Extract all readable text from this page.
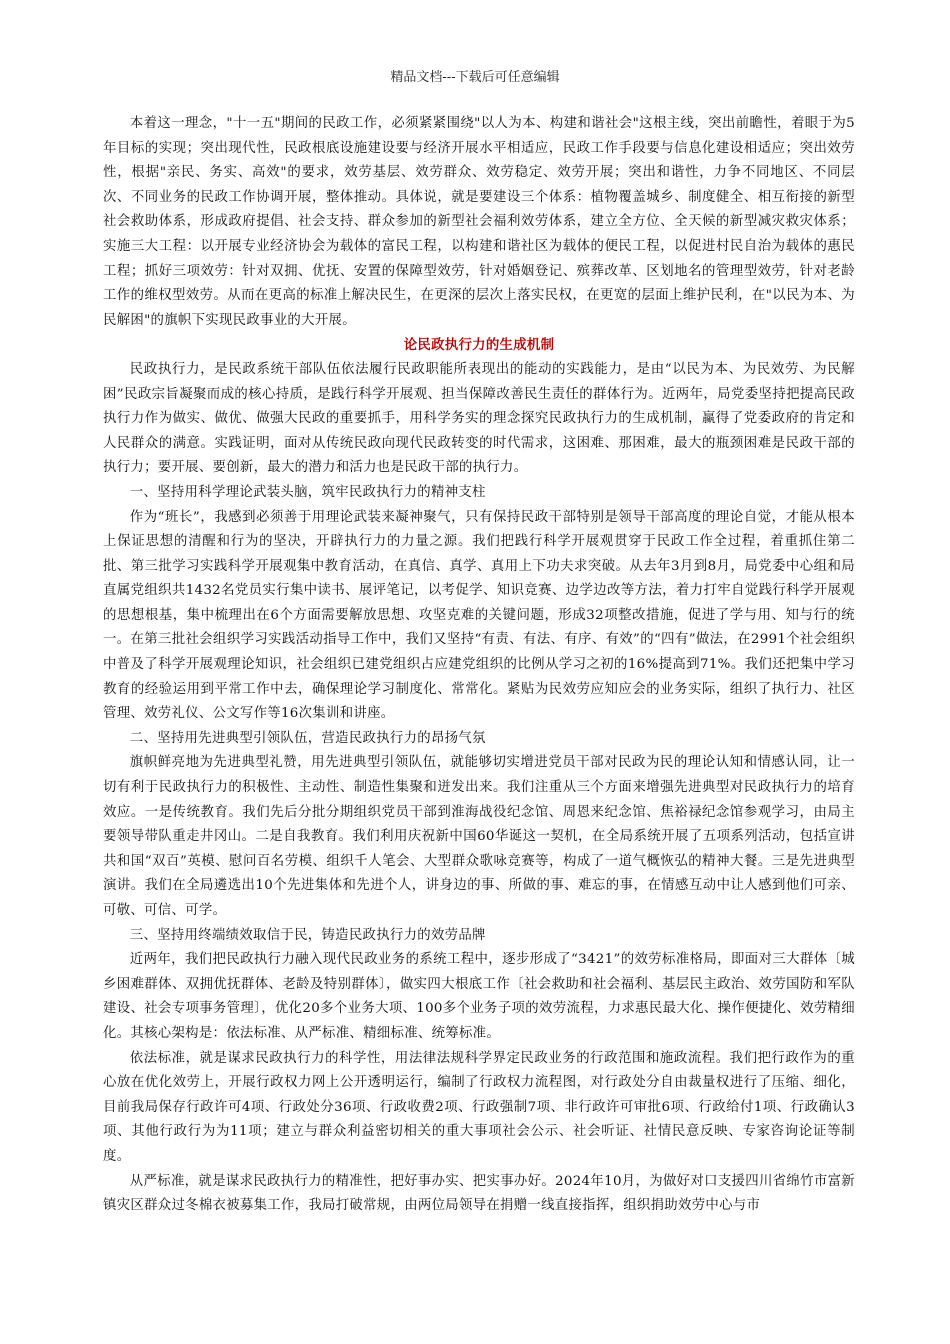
精品文档---下载后可任意编辑

本着这一理念，"十一五"期间的民政工作，必须紧紧围绕"以人为本、构建和谐社会"这根主线，突出前瞻性，着眼于为5年目标的实现；突出现代性，民政根底设施建设要与经济开展水平相适应，民政工作手段要与信息化建设相适应；突出效劳性，根据"亲民、务实、高效"的要求，效劳基层、效劳群众、效劳稳定、效劳开展；突出和谐性，力争不同地区、不同层次、不同业务的民政工作协调开展，整体推动。具体说，就是要建设三个体系：植物覆盖城乡、制度健全、相互衔接的新型社会救助体系，形成政府提倡、社会支持、群众参加的新型社会福利效劳体系，建立全方位、全天候的新型减灾救灾体系；实施三大工程：以开展专业经济协会为载体的富民工程，以构建和谐社区为载体的便民工程，以促进村民自治为载体的惠民工程；抓好三项效劳：针对双拥、优抚、安置的保障型效劳，针对婚姻登记、殡葬改革、区划地名的管理型效劳，针对老龄工作的维权型效劳。从而在更高的标准上解决民生，在更深的层次上落实民权，在更宽的层面上维护民利，在"以民为本、为民解困"的旗帜下实现民政事业的大开展。

论民政执行力的生成机制

民政执行力，是民政系统干部队伍依法履行民政职能所表现出的能动的实践能力，是由“以民为本、为民效劳、为民解困”民政宗旨凝聚而成的核心持质，是践行科学开展观、担当保障改善民生责任的群体行为。近两年，局党委坚持把提高民政执行力作为做实、做优、做强大民政的重要抓手，用科学务实的理念探究民政执行力的生成机制，赢得了党委政府的肯定和人民群众的满意。实践证明，面对从传统民政向现代民政转变的时代需求，这困难、那困难，最大的瓶颈困难是民政干部的执行力；要开展、要创新，最大的潜力和活力也是民政干部的执行力。

一、坚持用科学理论武装头脑，筑牢民政执行力的精神支柱

作为“班长”，我感到必须善于用理论武装来凝神聚气，只有保持民政干部特别是领导干部高度的理论自觉，才能从根本上保证思想的清醒和行为的坚决，开辟执行力的力量之源。我们把践行科学开展观贯穿于民政工作全过程，着重抓住第二批、第三批学习实践科学开展观集中教育活动，在真信、真学、真用上下功夫求突破。从去年3月到8月，局党委中心组和局直属党组织共1432名党员实行集中读书、展评笔记，以考促学、知识竞赛、边学边改等方法，着力打牢自觉践行科学开展观的思想根基，集中梳理出在6个方面需要解放思想、攻坚克难的关键问题，形成32项整改措施，促进了学与用、知与行的统一。在第三批社会组织学习实践活动指导工作中，我们又坚持“有责、有法、有序、有效”的“四有”做法，在2991个社会组织中普及了科学开展观理论知识，社会组织已建党组织占应建党组织的比例从学习之初的16%提高到71%。我们还把集中学习教育的经验运用到平常工作中去，确保理论学习制度化、常常化。紧贴为民效劳应知应会的业务实际，组织了执行力、社区管理、效劳礼仪、公文写作等16次集训和讲座。

二、坚持用先进典型引领队伍，营造民政执行力的昂扬气氛

旗帜鲜亮地为先进典型礼赞，用先进典型引领队伍，就能够切实增进党员干部对民政为民的理论认知和情感认同，让一切有利于民政执行力的积极性、主动性、制造性集聚和迸发出来。我们注重从三个方面来增强先进典型对民政执行力的培育效应。一是传统教育。我们先后分批分期组织党员干部到淮海战役纪念馆、周恩来纪念馆、焦裕禄纪念馆参观学习，由局主要领导带队重走井冈山。二是自我教育。我们利用庆祝新中国60华诞这一契机，在全局系统开展了五项系列活动，包括宣讲共和国“双百”英模、慰问百名劳模、组织千人笔会、大型群众歌咏竞赛等，构成了一道气概恢弘的精神大餐。三是先进典型演讲。我们在全局遴选出10个先进集体和先进个人，讲身边的事、所做的事、难忘的事，在情感互动中让人感到他们可亲、可敬、可信、可学。

三、坚持用终端绩效取信于民，铸造民政执行力的效劳品牌

近两年，我们把民政执行力融入现代民政业务的系统工程中，逐步形成了“3421”的效劳标准格局，即面对三大群体〔城乡困难群体、双拥优抚群体、老龄及特别群体〕，做实四大根底工作〔社会救助和社会福利、基层民主政治、效劳国防和军队建设、社会专项事务管理〕，优化20多个业务大项、100多个业务子项的效劳流程，力求惠民最大化、操作便捷化、效劳精细化。其核心架构是：依法标准、从严标准、精细标准、统筹标准。

依法标准，就是谋求民政执行力的科学性，用法律法规科学界定民政业务的行政范围和施政流程。我们把行政作为的重心放在优化效劳上，开展行政权力网上公开透明运行，编制了行政权力流程图，对行政处分自由裁量权进行了压缩、细化，目前我局保存行政许可4项、行政处分36项、行政收费2项、行政强制7项、非行政许可审批6项、行政给付1项、行政确认3项、其他行政行为为11项；建立与群众利益密切相关的重大事项社会公示、社会听证、社情民意反映、专家咨询论证等制度。

从严标准，就是谋求民政执行力的精准性，把好事办实、把实事办好。2024年10月，为做好对口支援四川省绵竹市富新镇灾区群众过冬棉衣被募集工作，我局打破常规，由两位局领导在捐赠一线直接指挥，组织捐助效劳中心与市
